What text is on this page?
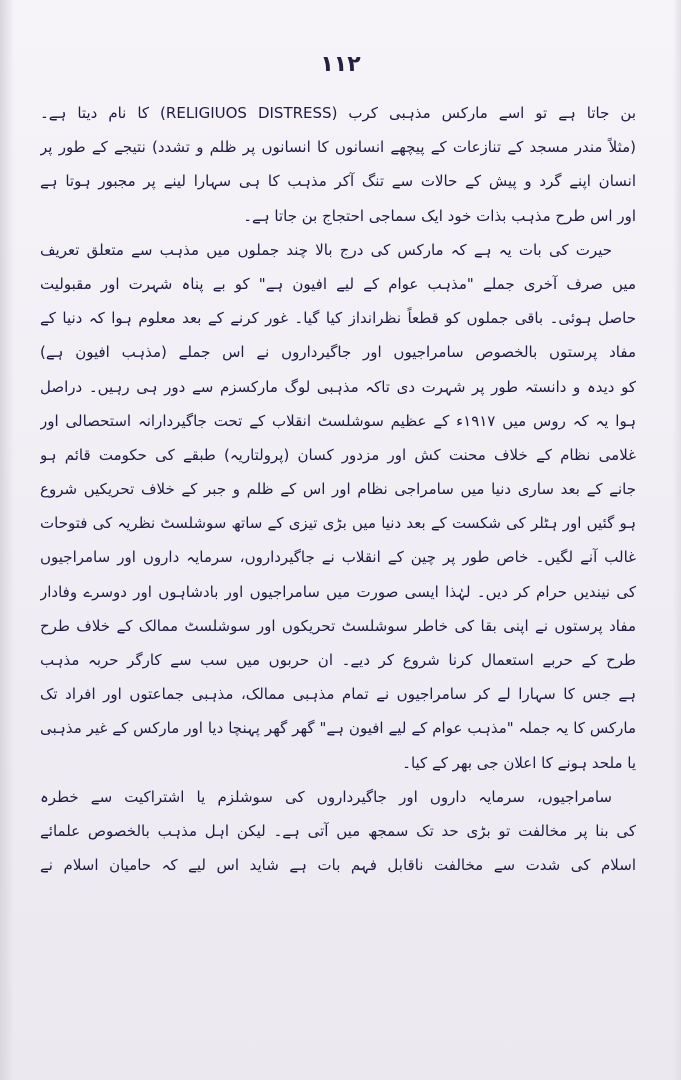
١١٢
بن جاتا ہے تو اسے مارکس مذہبی کرب (RELIGIUOS DISTRESS) کا نام دیتا ہے۔
(مثلاً مندر مسجد کے تنازعات کے پیچھے انسانوں کا انسانوں پر ظلم و تشدد) نتیجے کے طور پر
انسان اپنے گرد و پیش کے حالات سے تنگ آکر مذہب کا ہی سہارا لینے پر مجبور ہوتا ہے
اور اس طرح مذہب بذات خود ایک سماجی احتجاج بن جاتا ہے۔
حیرت کی بات یہ ہے کہ مارکس کی درج بالا چند جملوں میں مذہب سے متعلق تعریف
میں صرف آخری جملے "مذہب عوام کے لیے افیون ہے" کو بے پناہ شہرت اور مقبولیت
حاصل ہوئی۔ باقی جملوں کو قطعاً نظرانداز کیا گیا۔ غور کرنے کے بعد معلوم ہوا کہ دنیا کے
مفاد پرستوں بالخصوص سامراجیوں اور جاگیرداروں نے اس جملے (مذہب افیون ہے)
کو دیدہ و دانستہ طور پر شہرت دی تاکہ مذہبی لوگ مارکسزم سے دور ہی رہیں۔ دراصل
ہوا یہ کہ روس میں ۱۹۱۷ء کے عظیم سوشلسٹ انقلاب کے تحت جاگیردارانہ استحصالی اور
غلامی نظام کے خلاف محنت کش اور مزدور کسان (پرولتاریہ) طبقے کی حکومت قائم ہو
جانے کے بعد ساری دنیا میں سامراجی نظام اور اس کے ظلم و جبر کے خلاف تحریکیں شروع
ہو گئیں اور ہٹلر کی شکست کے بعد دنیا میں بڑی تیزی کے ساتھ سوشلسٹ نظریہ کی فتوحات
غالب آنے لگیں۔ خاص طور پر چین کے انقلاب نے جاگیرداروں، سرمایہ داروں اور سامراجیوں
کی نیندیں حرام کر دیں۔ لہٰذا ایسی صورت میں سامراجیوں اور بادشاہوں اور دوسرے وفادار
مفاد پرستوں نے اپنی بقا کی خاطر سوشلسٹ تحریکوں اور سوشلسٹ ممالک کے خلاف طرح
طرح کے حربے استعمال کرنا شروع کر دیے۔ ان حربوں میں سب سے کارگر حربہ مذہب
ہے جس کا سہارا لے کر سامراجیوں نے تمام مذہبی ممالک، مذہبی جماعتوں اور افراد تک
مارکس کا یہ جملہ "مذہب عوام کے لیے افیون ہے" گھر گھر پہنچا دیا اور مارکس کے غیر مذہبی
یا ملحد ہونے کا اعلان جی بھر کے کیا۔
سامراجیوں، سرمایہ داروں اور جاگیرداروں کی سوشلزم یا اشتراکیت سے خطرہ
کی بنا پر مخالفت تو بڑی حد تک سمجھ میں آتی ہے۔ لیکن اہل مذہب بالخصوص علمائے
اسلام کی شدت سے مخالفت ناقابل فہم بات ہے شاید اس لیے کہ حامیان اسلام نے
